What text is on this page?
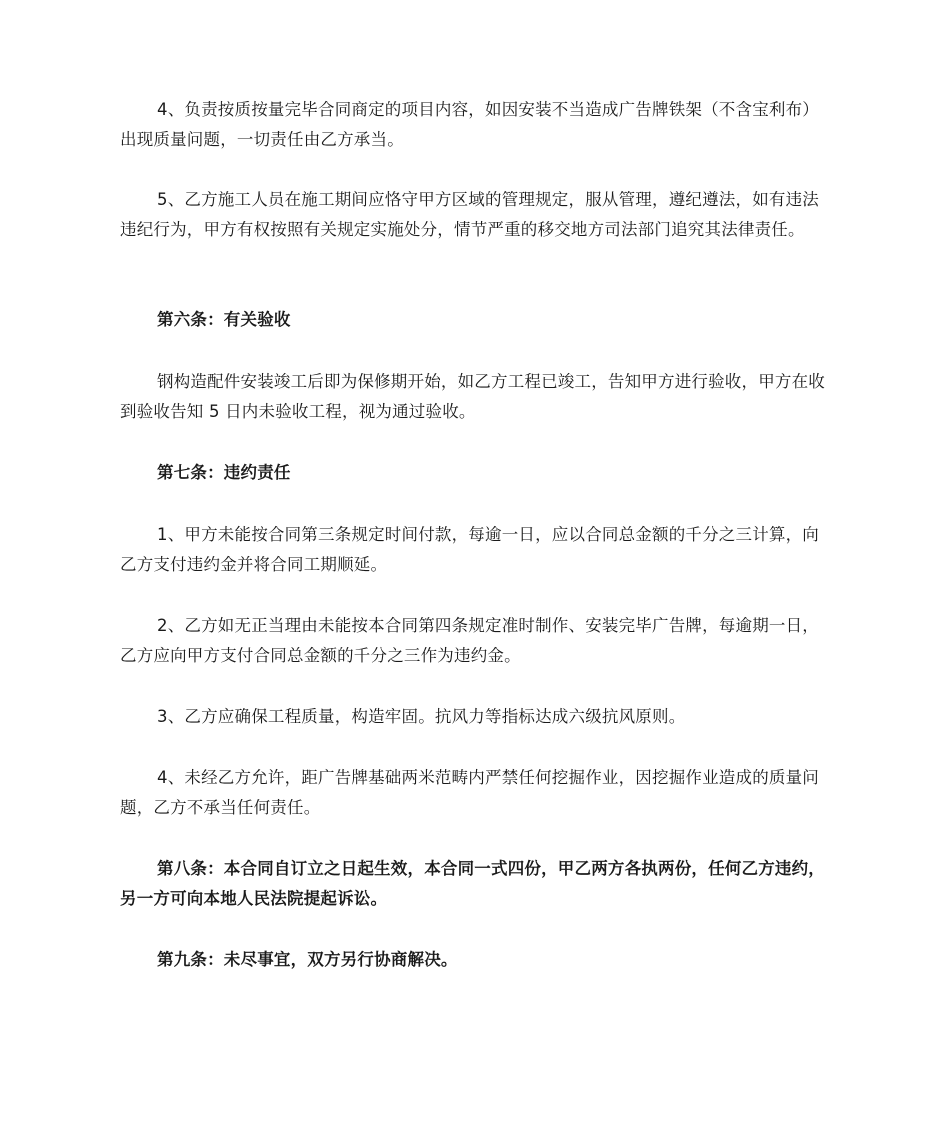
4、负责按质按量完毕合同商定的项目内容，如因安装不当造成广告牌铁架（不含宝利布）出现质量问题，一切责任由乙方承当。

5、乙方施工人员在施工期间应恪守甲方区域的管理规定，服从管理，遵纪遵法，如有违法违纪行为，甲方有权按照有关规定实施处分，情节严重的移交地方司法部门追究其法律责任。

第六条：有关验收

钢构造配件安装竣工后即为保修期开始，如乙方工程已竣工，告知甲方进行验收，甲方在收到验收告知 5 日内未验收工程，视为通过验收。

第七条：违约责任

1、甲方未能按合同第三条规定时间付款，每逾一日，应以合同总金额的千分之三计算，向乙方支付违约金并将合同工期顺延。

2、乙方如无正当理由未能按本合同第四条规定准时制作、安装完毕广告牌，每逾期一日，乙方应向甲方支付合同总金额的千分之三作为违约金。

3、乙方应确保工程质量，构造牢固。抗风力等指标达成六级抗风原则。

4、未经乙方允许，距广告牌基础两米范畴内严禁任何挖掘作业，因挖掘作业造成的质量问题，乙方不承当任何责任。

第八条：本合同自订立之日起生效，本合同一式四份，甲乙两方各执两份，任何乙方违约，另一方可向本地人民法院提起诉讼。

第九条：未尽事宜，双方另行协商解决。
